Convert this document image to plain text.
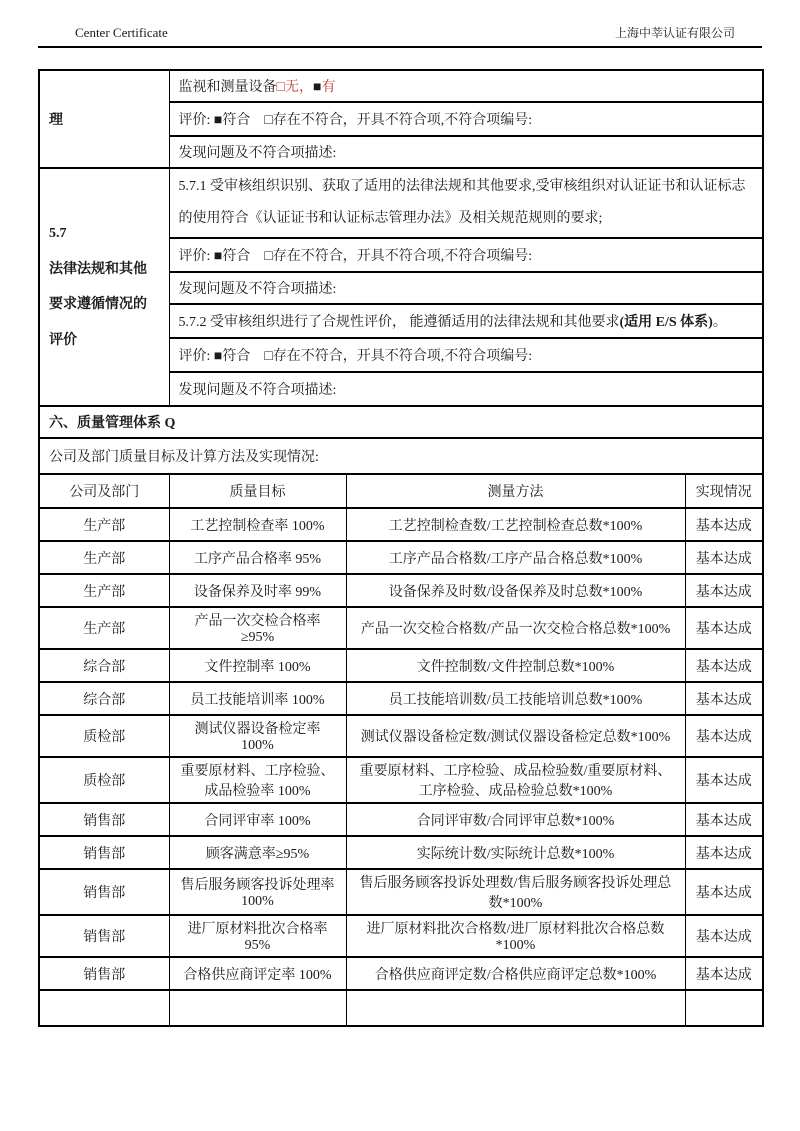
Center Certificate	上海中莘认证有限公司
理	监视和测量设备□无，■有		
	评价: ■符合　□存在不符合，开具不符合项,不符合项编号:		
	发现问题及不符合项描述:		

5.7
法律法规和其他要求遵循情况的评价	5.7.1 受审核组织识别、获取了适用的法律法规和其他要求,受审核组织对认证证书和认证标志的使用符合《认证证书和认证标志管理办法》及相关规范规则的要求;		
	评价: ■符合　□存在不符合，开具不符合项,不符合项编号:		
	发现问题及不符合项描述:		
	5.7.2 受审核组织进行了合规性评价， 能遵循适用的法律法规和其他要求(适用 E/S 体系)。		
	评价: ■符合　□存在不符合，开具不符合项,不符合项编号:		
	发现问题及不符合项描述:		
六、质量管理体系 Q			
公司及部门质量目标及计算方法及实现情况:			
公司及部门	质量目标	测量方法	实现情况
生产部	工艺控制检查率 100%	工艺控制检查数/工艺控制检查总数*100%	基本达成
生产部	工序产品合格率 95%	工序产品合格数/工序产品合格总数*100%	基本达成
生产部	设备保养及时率 99%	设备保养及时数/设备保养及时总数*100%	基本达成
生产部	产品一次交检合格率≥95%	产品一次交检合格数/产品一次交检合格总数*100%	基本达成
综合部	文件控制率 100%	文件控制数/文件控制总数*100%	基本达成
综合部	员工技能培训率 100%	员工技能培训数/员工技能培训总数*100%	基本达成
质检部	测试仪器设备检定率 100%	测试仪器设备检定数/测试仪器设备检定总数*100%	基本达成
质检部	重要原材料、工序检验、成品检验率 100%	重要原材料、工序检验、成品检验数/重要原材料、工序检验、成品检验总数*100%	基本达成
销售部	合同评审率 100%	合同评审数/合同评审总数*100%	基本达成
销售部	顾客满意率≥95%	实际统计数/实际统计总数*100%	基本达成
销售部	售后服务顾客投诉处理率 100%	售后服务顾客投诉处理数/售后服务顾客投诉处理总数*100%	基本达成
销售部	进厂原材料批次合格率 95%	进厂原材料批次合格数/进厂原材料批次合格总数*100%	基本达成
销售部	合格供应商评定率 100%	合格供应商评定数/合格供应商评定总数*100%	基本达成
